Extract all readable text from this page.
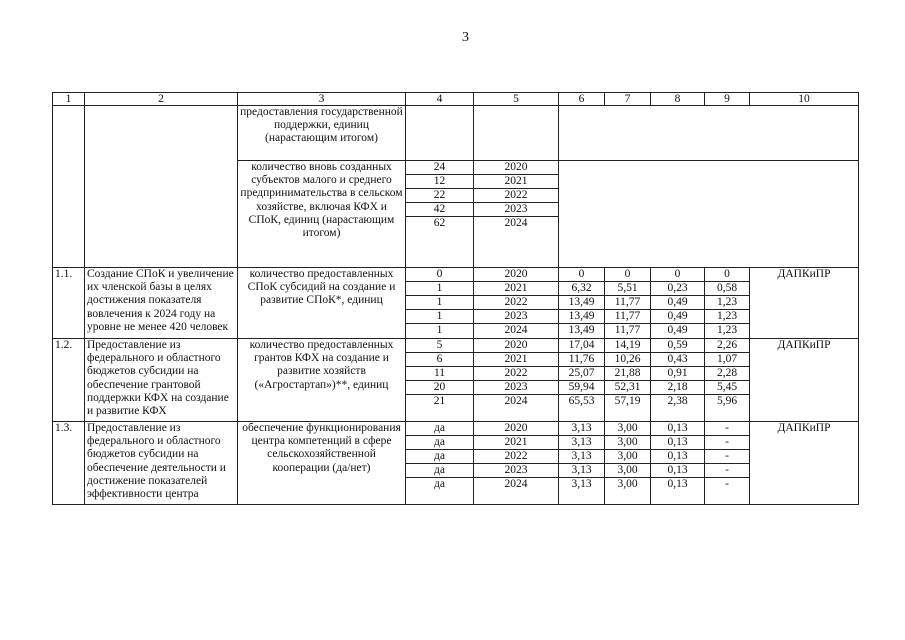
3
1	2	3	4	5	6	7	8	9	10
		предоставления государственной поддержки, единиц (нарастающим итогом)							
		количество вновь созданных субъектов малого и среднего предпринимательства в сельском хозяйстве, включая КФХ и СПоК, единиц (нарастающим итогом)	24	2020					
			12	2021					
			22	2022					
			42	2023					
			62	2024					
1.1.	Создание СПоК и увеличение их членской базы в целях достижения показателя вовлечения к 2024 году на уровне не менее 420 человек	количество предоставленных СПоК субсидий на создание и развитие СПоК*, единиц	0	2020	0	0	0	0	ДАПКиПР
			1	2021	6,32	5,51	0,23	0,58	
			1	2022	13,49	11,77	0,49	1,23	
			1	2023	13,49	11,77	0,49	1,23	
			1	2024	13,49	11,77	0,49	1,23	
1.2.	Предоставление из федерального и областного бюджетов субсидии на обеспечение грантовой поддержки КФХ на создание и развитие КФХ	количество предоставленных грантов КФХ на создание и развитие хозяйств («Агростартап»)**, единиц	5	2020	17,04	14,19	0,59	2,26	ДАПКиПР
			6	2021	11,76	10,26	0,43	1,07	
			11	2022	25,07	21,88	0,91	2,28	
			20	2023	59,94	52,31	2,18	5,45	
			21	2024	65,53	57,19	2,38	5,96	
1.3.	Предоставление из федерального и областного бюджетов субсидии на обеспечение деятельности и достижение показателей эффективности центра	обеспечение функционирования центра компетенций в сфере сельскохозяйственной кооперации (да/нет)	да	2020	3,13	3,00	0,13	-	ДАПКиПР
			да	2021	3,13	3,00	0,13	-	
			да	2022	3,13	3,00	0,13	-	
			да	2023	3,13	3,00	0,13	-	
			да	2024	3,13	3,00	0,13	-	
